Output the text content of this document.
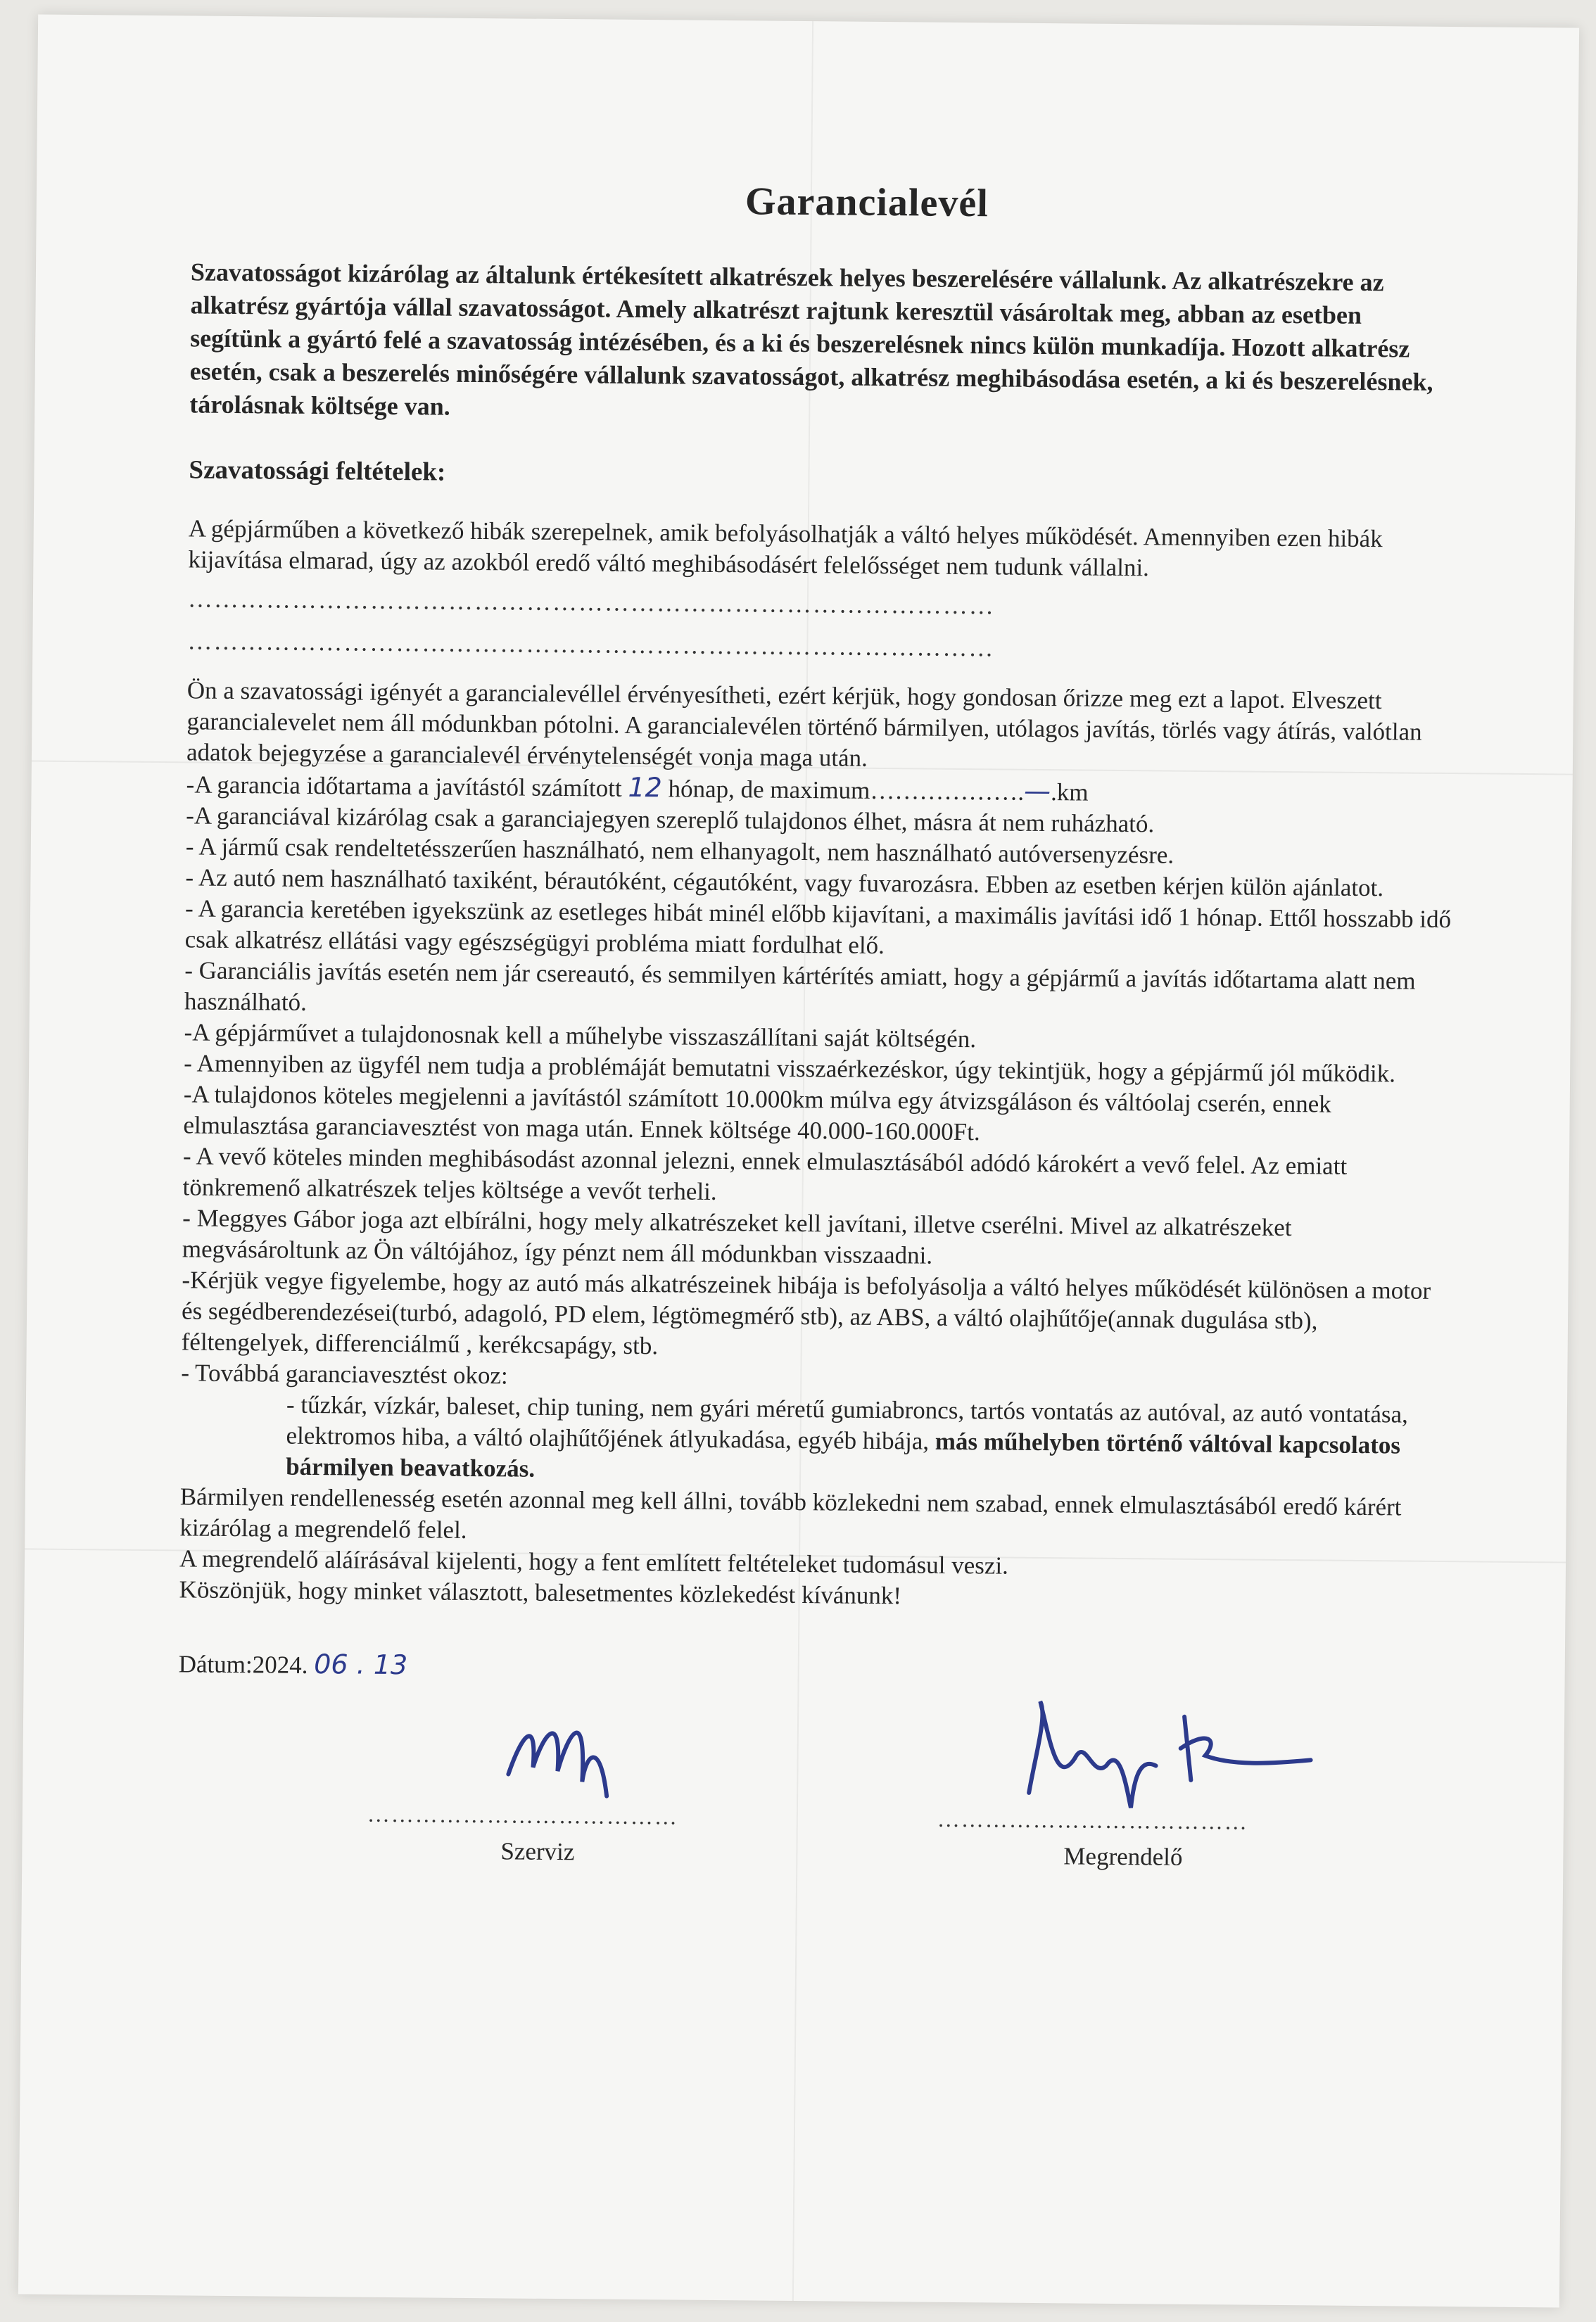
Garancialevél

Szavatosságot kizárólag az általunk értékesített alkatrészek helyes beszerelésére vállalunk. Az alkatrészekre az alkatrész gyártója vállal szavatosságot. Amely alkatrészt rajtunk keresztül vásároltak meg, abban az esetben segítünk a gyártó felé a szavatosság intézésében, és a ki és beszerelésnek nincs külön munkadíja. Hozott alkatrész esetén, csak a beszerelés minőségére vállalunk szavatosságot, alkatrész meghibásodása esetén, a ki és beszerelésnek, tárolásnak költsége van.

Szavatossági feltételek:

A gépjárműben a következő hibák szerepelnek, amik befolyásolhatják a váltó helyes működését. Amennyiben ezen hibák kijavítása elmarad, úgy az azokból eredő váltó meghibásodásért felelősséget nem tudunk vállalni.

…………………………………………………………………………………
…………………………………………………………………………………

Ön a szavatossági igényét a garancialevéllel érvényesítheti, ezért kérjük, hogy gondosan őrizze meg ezt a lapot. Elveszett garancialevelet nem áll módunkban pótolni. A garancialevélen történő bármilyen, utólagos javítás, törlés vagy átírás, valótlan adatok bejegyzése a garancialevél érvénytelenségét vonja maga után.

-A garancia időtartama a javítástól számított 12 hónap, de maximum……………….—.km

-A garanciával kizárólag csak a garanciajegyen szereplő tulajdonos élhet, másra át nem ruházható.

- A jármű csak rendeltetésszerűen használható, nem elhanyagolt, nem használható autóversenyzésre.

- Az autó nem használható taxiként, bérautóként, cégautóként, vagy fuvarozásra. Ebben az esetben kérjen külön ajánlatot.

- A garancia keretében igyekszünk az esetleges hibát minél előbb kijavítani, a maximális javítási idő 1 hónap. Ettől hosszabb idő csak alkatrész ellátási vagy egészségügyi probléma miatt fordulhat elő.

- Garanciális javítás esetén nem jár csereautó, és semmilyen kártérítés amiatt, hogy a gépjármű a javítás időtartama alatt nem használható.

-A gépjárművet a tulajdonosnak kell a műhelybe visszaszállítani saját költségén.

- Amennyiben az ügyfél nem tudja a problémáját bemutatni visszaérkezéskor, úgy tekintjük, hogy a gépjármű jól működik.

-A tulajdonos köteles megjelenni a javítástól számított 10.000km múlva egy átvizsgáláson és váltóolaj cserén, ennek elmulasztása garanciavesztést von maga után. Ennek költsége 40.000-160.000Ft.

- A vevő köteles minden meghibásodást azonnal jelezni, ennek elmulasztásából adódó károkért a vevő felel. Az emiatt tönkremenő alkatrészek teljes költsége a vevőt terheli.

- Meggyes Gábor joga azt elbírálni, hogy mely alkatrészeket kell javítani, illetve cserélni. Mivel az alkatrészeket megvásároltunk az Ön váltójához, így pénzt nem áll módunkban visszaadni.

-Kérjük vegye figyelembe, hogy az autó más alkatrészeinek hibája is befolyásolja a váltó helyes működését különösen a motor és segédberendezései(turbó, adagoló, PD elem, légtömegmérő stb), az ABS, a váltó olajhűtője(annak dugulása stb), féltengelyek, differenciálmű , kerékcsapágy, stb.

- Továbbá garanciavesztést okoz:

- tűzkár, vízkár, baleset, chip tuning, nem gyári méretű gumiabroncs, tartós vontatás az autóval, az autó vontatása, elektromos hiba, a váltó olajhűtőjének átlyukadása, egyéb hibája, más műhelyben történő váltóval kapcsolatos bármilyen beavatkozás.

Bármilyen rendellenesség esetén azonnal meg kell állni, tovább közlekedni nem szabad, ennek elmulasztásából eredő kárért kizárólag a megrendelő felel.

A megrendelő aláírásával kijelenti, hogy a fent említett feltételeket tudomásul veszi.

Köszönjük, hogy minket választott, balesetmentes közlekedést kívánunk!

Dátum:2024. 06 . 13

…………………………………
Szerviz
…………………………………
Megrendelő
